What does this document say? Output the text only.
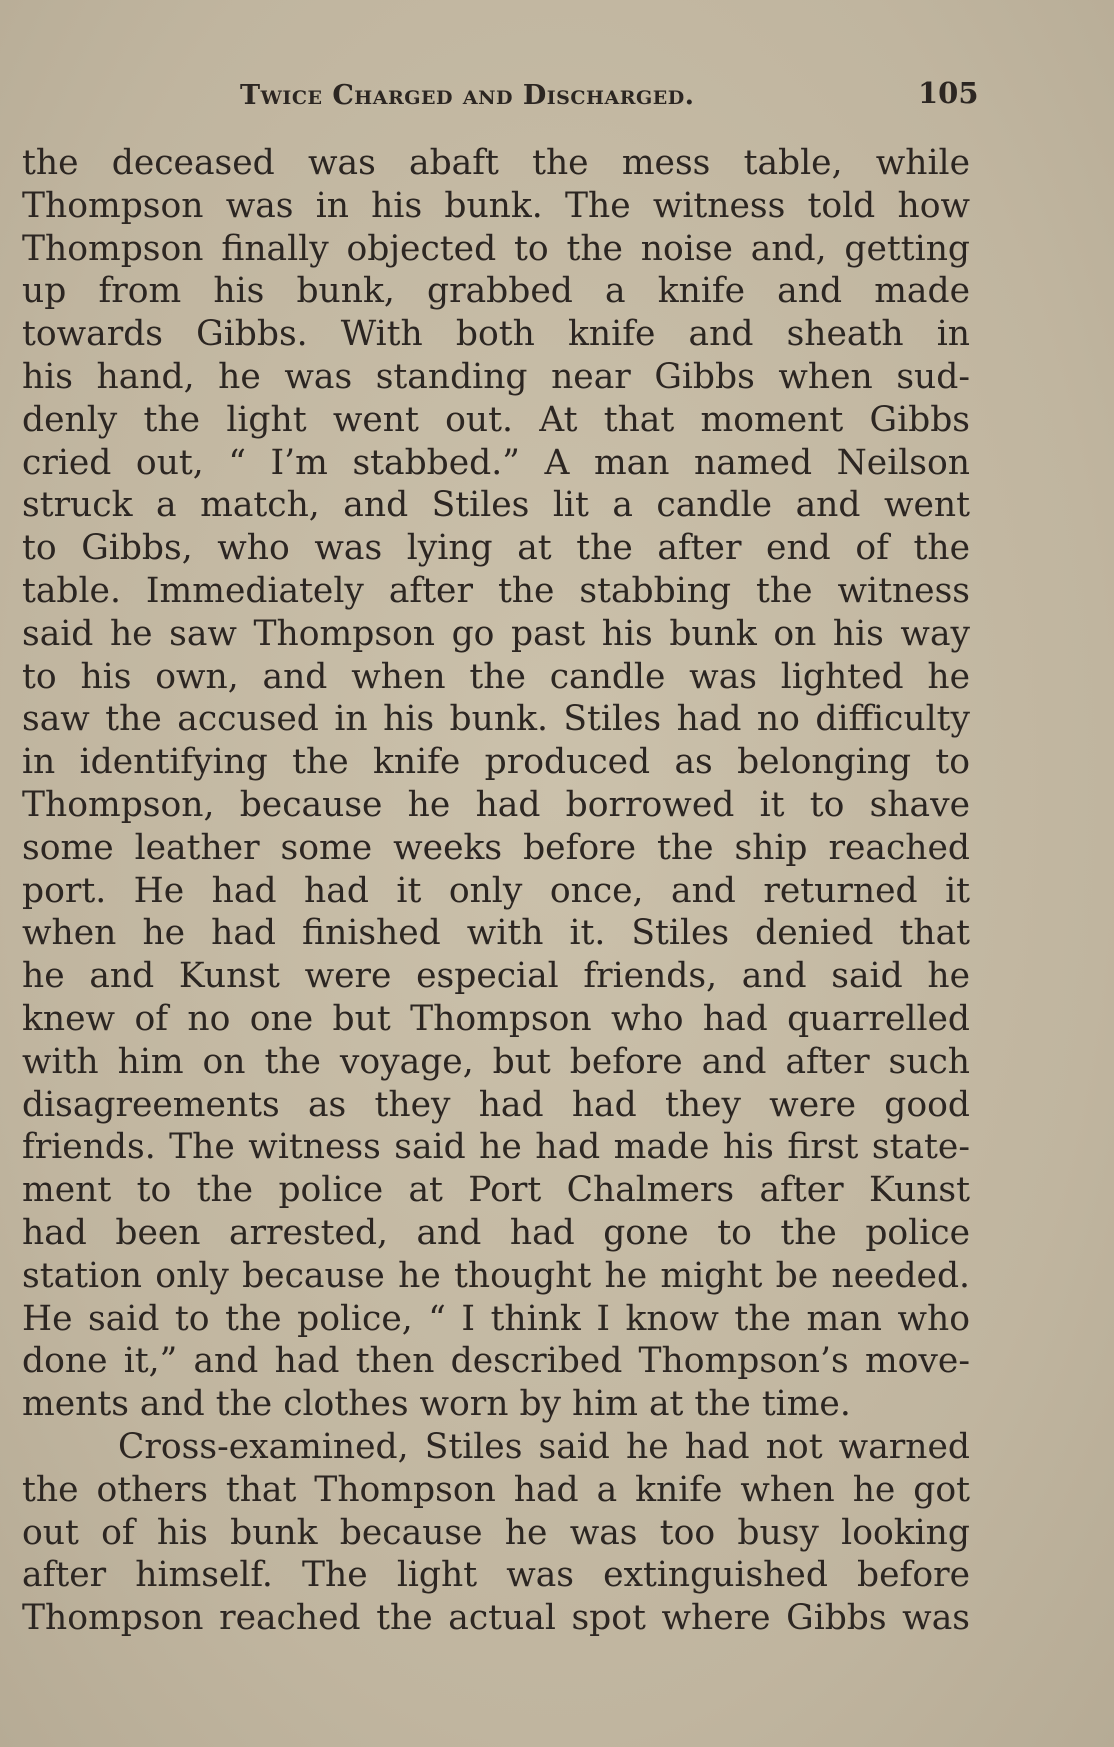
Twice Charged and Discharged.	105
the deceased was abaft the mess table, while
Thompson was in his bunk. The witness told how
Thompson finally objected to the noise and, getting
up from his bunk, grabbed a knife and made
towards Gibbs. With both knife and sheath in
his hand, he was standing near Gibbs when sud-
denly the light went out. At that moment Gibbs
cried out, “ I’m stabbed.” A man named Neilson
struck a match, and Stiles lit a candle and went
to Gibbs, who was lying at the after end of the
table. Immediately after the stabbing the witness
said he saw Thompson go past his bunk on his way
to his own, and when the candle was lighted he
saw the accused in his bunk. Stiles had no difficulty
in identifying the knife produced as belonging to
Thompson, because he had borrowed it to shave
some leather some weeks before the ship reached
port. He had had it only once, and returned it
when he had finished with it. Stiles denied that
he and Kunst were especial friends, and said he
knew of no one but Thompson who had quarrelled
with him on the voyage, but before and after such
disagreements as they had had they were good
friends. The witness said he had made his first state-
ment to the police at Port Chalmers after Kunst
had been arrested, and had gone to the police
station only because he thought he might be needed.
He said to the police, “ I think I know the man who
done it,” and had then described Thompson’s move-
ments and the clothes worn by him at the time.
Cross-examined, Stiles said he had not warned
the others that Thompson had a knife when he got
out of his bunk because he was too busy looking
after himself. The light was extinguished before
Thompson reached the actual spot where Gibbs was
